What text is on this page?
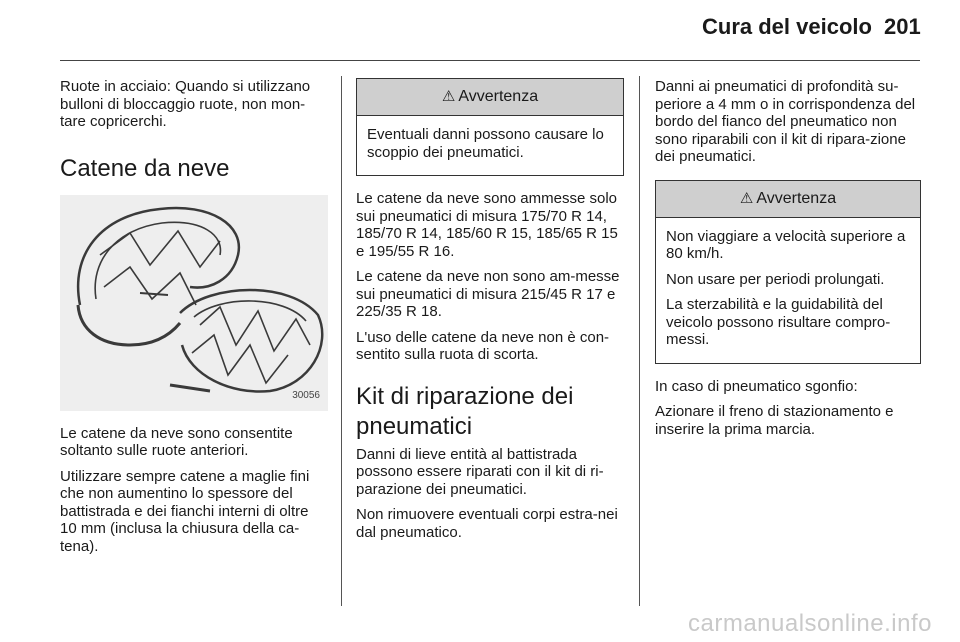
Cura del veicolo 201

Ruote in acciaio: Quando si utilizzano bulloni di bloccaggio ruote, non mon-tare copricerchi.

Catene da neve
30056

Le catene da neve sono consentite soltanto sulle ruote anteriori.

Utilizzare sempre catene a maglie fini che non aumentino lo spessore del battistrada e dei fianchi interni di oltre 10 mm (inclusa la chiusura della ca-tena).

⚠ Avvertenza

Eventuali danni possono causare lo scoppio dei pneumatici.

Le catene da neve sono ammesse solo sui pneumatici di misura 175/70 R 14, 185/70 R 14, 185/60 R 15, 185/65 R 15 e 195/55 R 16.

Le catene da neve non sono am-messe sui pneumatici di misura 215/45 R 17 e 225/35 R 18.

L'uso delle catene da neve non è con-sentito sulla ruota di scorta.

Kit di riparazione dei pneumatici

Danni di lieve entità al battistrada possono essere riparati con il kit di ri-parazione dei pneumatici.

Non rimuovere eventuali corpi estra-nei dal pneumatico.

Danni ai pneumatici di profondità su-periore a 4 mm o in corrispondenza del bordo del fianco del pneumatico non sono riparabili con il kit di ripara-zione dei pneumatici.

⚠ Avvertenza

Non viaggiare a velocità superiore a 80 km/h.

Non usare per periodi prolungati.

La sterzabilità e la guidabilità del veicolo possono risultare compro-messi.

In caso di pneumatico sgonfio:

Azionare il freno di stazionamento e inserire la prima marcia.

carmanualsonline.info
